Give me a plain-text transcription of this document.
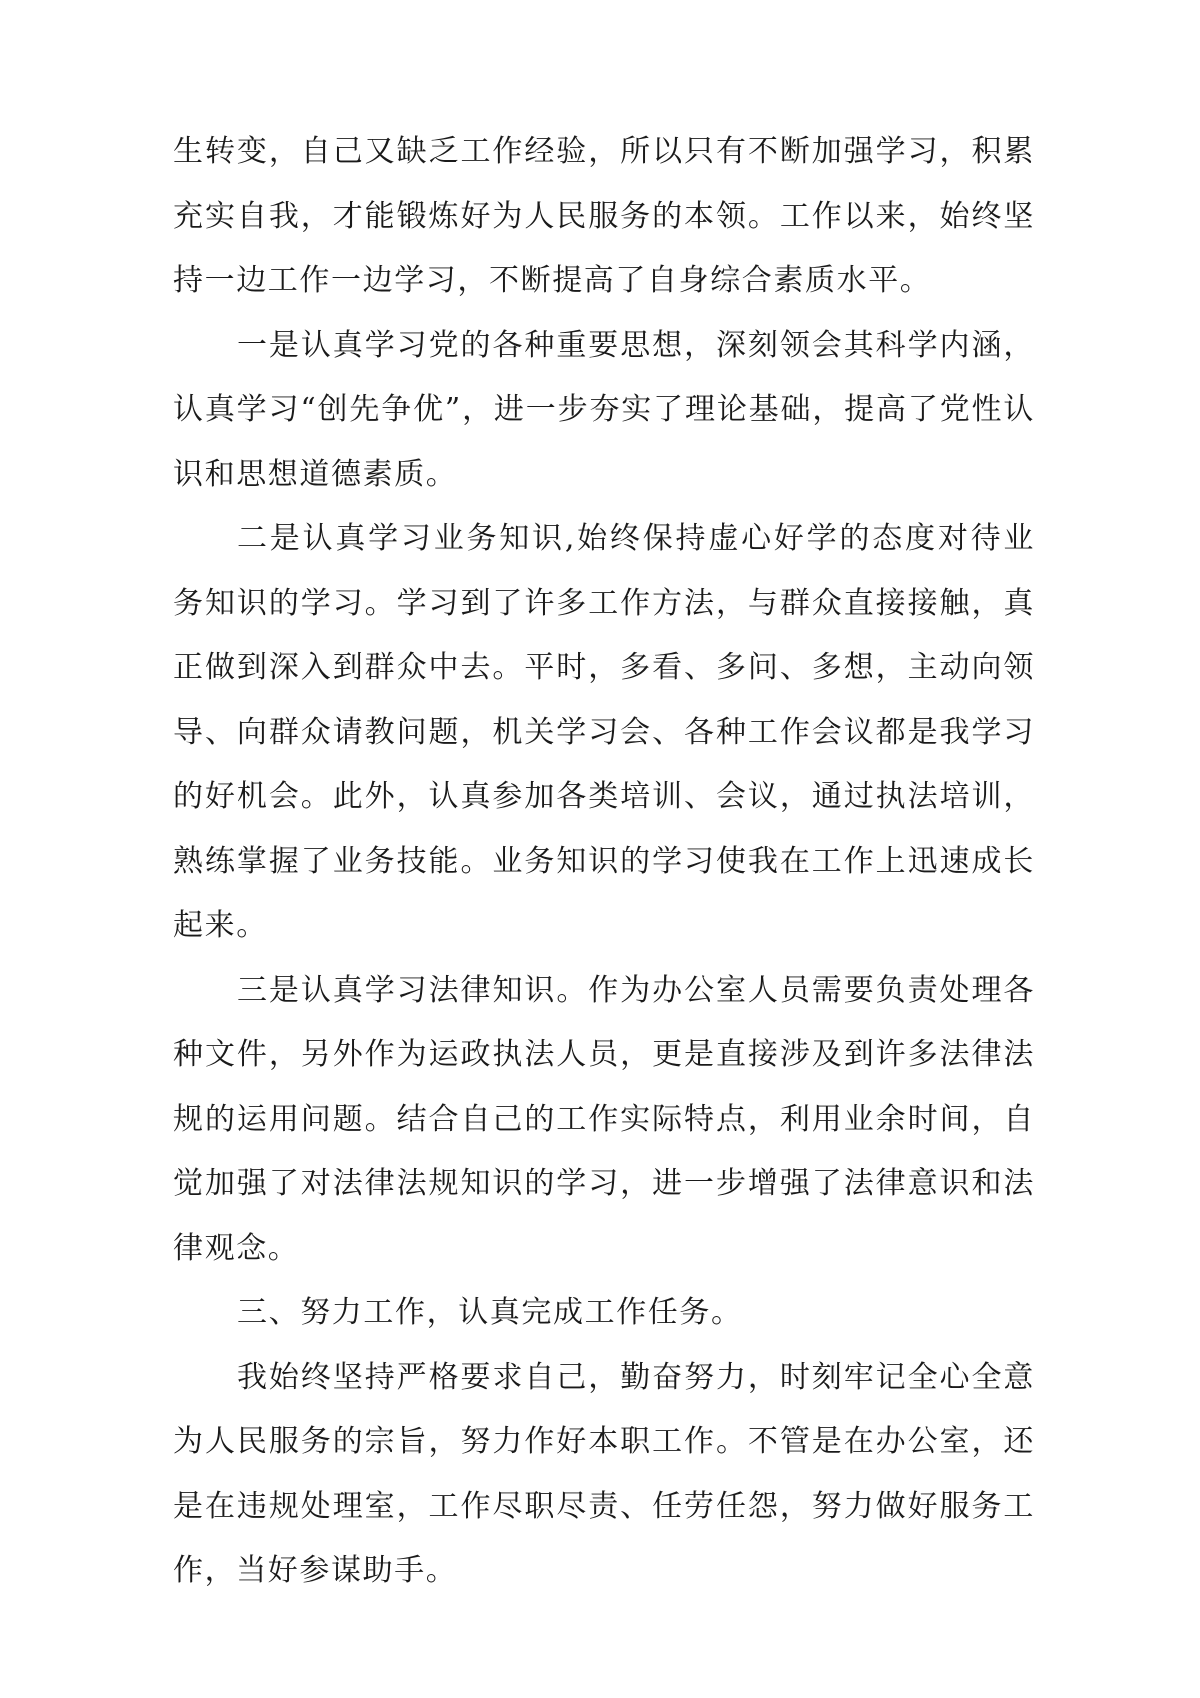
生转变，自己又缺乏工作经验，所以只有不断加强学习，积累充实自我，才能锻炼好为人民服务的本领。工作以来，始终坚持一边工作一边学习，不断提高了自身综合素质水平。

一是认真学习党的各种重要思想，深刻领会其科学内涵，认真学习“创先争优”，进一步夯实了理论基础，提高了党性认识和思想道德素质。

二是认真学习业务知识,始终保持虚心好学的态度对待业务知识的学习。学习到了许多工作方法，与群众直接接触，真正做到深入到群众中去。平时，多看、多问、多想，主动向领导、向群众请教问题，机关学习会、各种工作会议都是我学习的好机会。此外，认真参加各类培训、会议，通过执法培训，熟练掌握了业务技能。业务知识的学习使我在工作上迅速成长起来。

三是认真学习法律知识。作为办公室人员需要负责处理各种文件，另外作为运政执法人员，更是直接涉及到许多法律法规的运用问题。结合自己的工作实际特点，利用业余时间，自觉加强了对法律法规知识的学习，进一步增强了法律意识和法律观念。

三、努力工作，认真完成工作任务。

我始终坚持严格要求自己，勤奋努力，时刻牢记全心全意为人民服务的宗旨，努力作好本职工作。不管是在办公室，还是在违规处理室，工作尽职尽责、任劳任怨，努力做好服务工作，当好参谋助手。
